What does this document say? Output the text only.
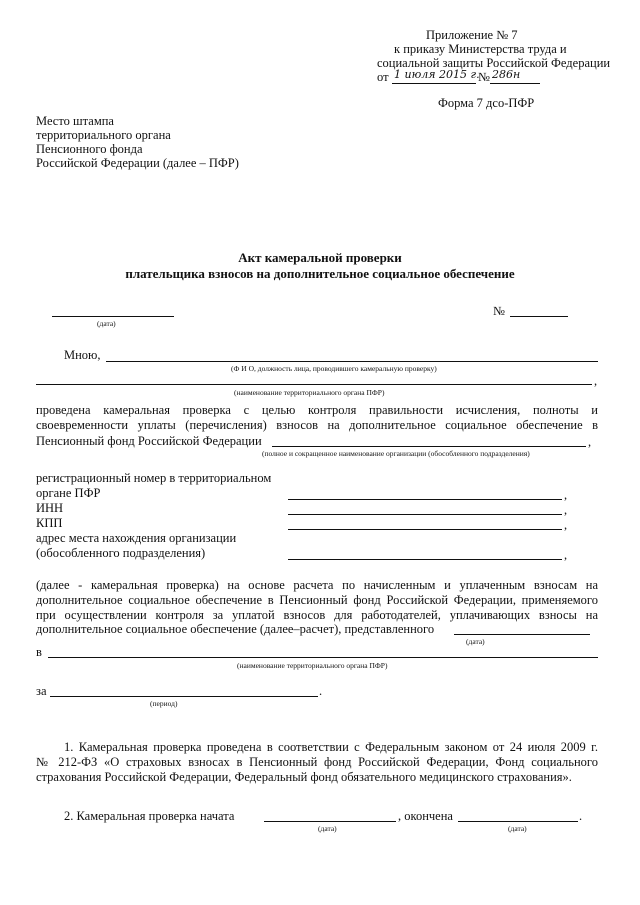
Приложение № 7
к приказу Министерства труда и
социальной защиты Российской Федерации
от 1 июля 2015 г.
№ 286н
Форма 7 дсо-ПФР
Место штампа
территориального органа
Пенсионного фонда
Российской Федерации (далее – ПФР)
Акт камеральной проверки
плательщика взносов на дополнительное социальное обеспечение
(дата)
№
Мною,
(Ф И О, должность лица, проводившего камеральную проверку)
,
(наименование территориального органа ПФР)
проведена камеральная проверка с целью контроля правильности исчисления, полноты и
своевременности уплаты (перечисления) взносов на дополнительное социальное обеспечение в
Пенсионный фонд Российской Федерации	,
(полное и сокращенное наименование организации (обособленного подразделения)
регистрационный номер в территориальном
органе ПФР	,
ИНН	,
КПП	,
адрес места нахождения организации
(обособленного подразделения)	,
(далее - камеральная проверка) на основе расчета по начисленным и уплаченным взносам на
дополнительное социальное обеспечение в Пенсионный фонд Российской Федерации, применяемого
при осуществлении контроля за уплатой взносов для работодателей, уплачивающих взносы на
дополнительное социальное обеспечение (далее–расчет), представленного
(дата)
в
(наименование территориального органа ПФР)
за	.
(период)
1. Камеральная проверка проведена в соответствии с Федеральным законом от 24 июля 2009 г.
№ 212-ФЗ «О страховых взносах в Пенсионный фонд Российской Федерации, Фонд социального
страхования Российской Федерации, Федеральный фонд обязательного медицинского страхования».
2. Камеральная проверка начата
(дата)
, окончена	.
(дата)
